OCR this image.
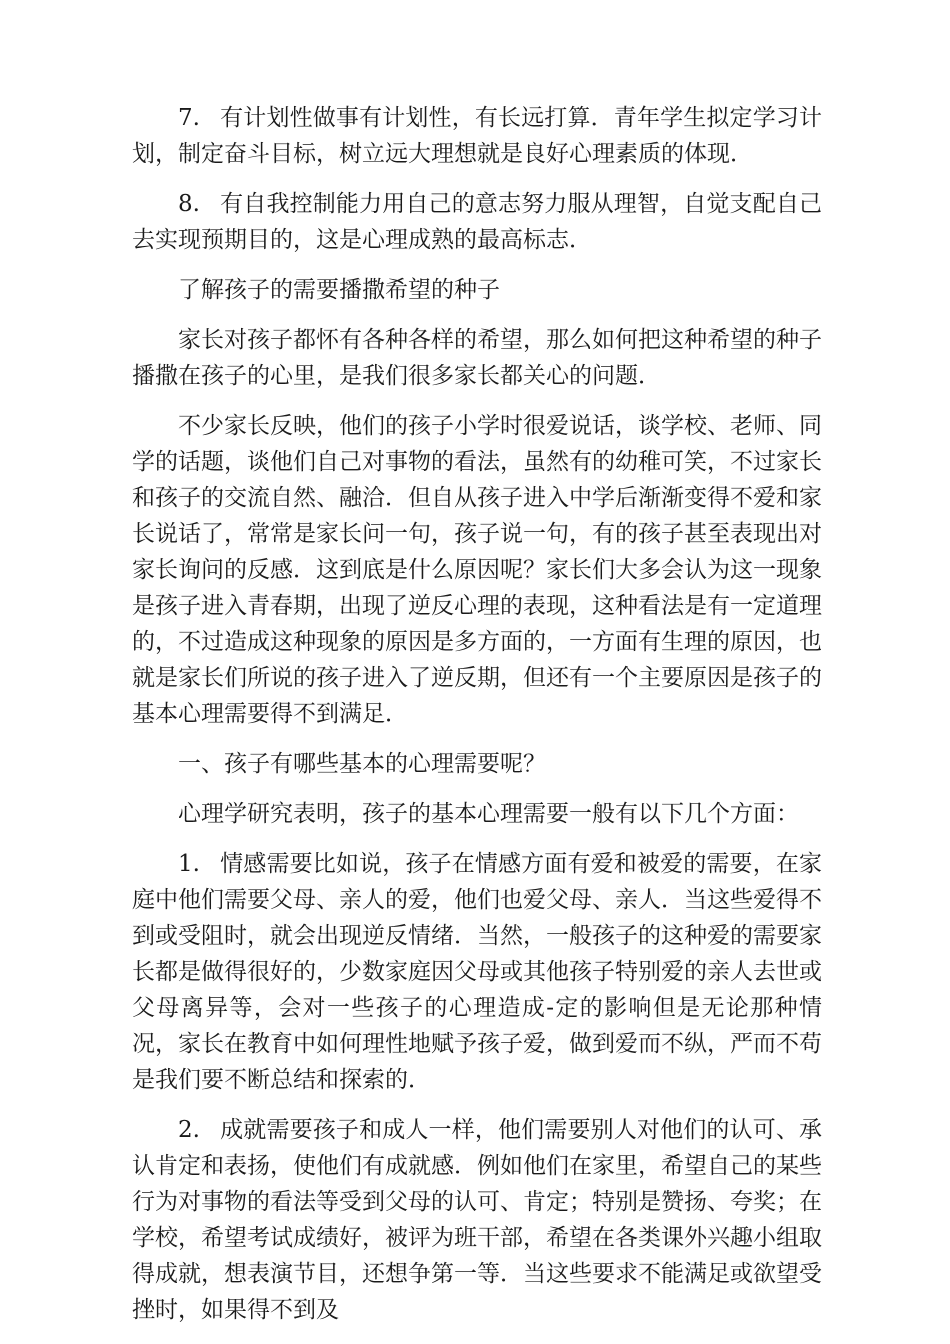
7. 有计划性做事有计划性，有长远打算．青年学生拟定学习计划，制定奋斗目标，树立远大理想就是良好心理素质的体现．

8. 有自我控制能力用自己的意志努力服从理智，自觉支配自己去实现预期目的，这是心理成熟的最高标志．

了解孩子的需要播撒希望的种子

家长对孩子都怀有各种各样的希望，那么如何把这种希望的种子播撒在孩子的心里，是我们很多家长都关心的问题．

不少家长反映，他们的孩子小学时很爱说话，谈学校、老师、同学的话题，谈他们自己对事物的看法，虽然有的幼稚可笑，不过家长和孩子的交流自然、融洽．但自从孩子进入中学后渐渐变得不爱和家长说话了，常常是家长问一句，孩子说一句，有的孩子甚至表现出对家长询问的反感．这到底是什么原因呢？家长们大多会认为这一现象是孩子进入青春期，出现了逆反心理的表现，这种看法是有一定道理的，不过造成这种现象的原因是多方面的，一方面有生理的原因，也就是家长们所说的孩子进入了逆反期，但还有一个主要原因是孩子的基本心理需要得不到满足．

一、孩子有哪些基本的心理需要呢？

心理学研究表明，孩子的基本心理需要一般有以下几个方面：

1. 情感需要比如说，孩子在情感方面有爱和被爱的需要，在家庭中他们需要父母、亲人的爱，他们也爱父母、亲人．当这些爱得不到或受阻时，就会出现逆反情绪．当然，一般孩子的这种爱的需要家长都是做得很好的，少数家庭因父母或其他孩子特别爱的亲人去世或父母离异等，会对一些孩子的心理造成-定的影响但是无论那种情况，家长在教育中如何理性地赋予孩子爱，做到爱而不纵，严而不苟是我们要不断总结和探索的．

2. 成就需要孩子和成人一样，他们需要别人对他们的认可、承认肯定和表扬，使他们有成就感．例如他们在家里，希望自己的某些行为对事物的看法等受到父母的认可、肯定；特别是赞扬、夸奖；在学校，希望考试成绩好，被评为班干部，希望在各类课外兴趣小组取得成就，想表演节目，还想争第一等．当这些要求不能满足或欲望受挫时，如果得不到及
